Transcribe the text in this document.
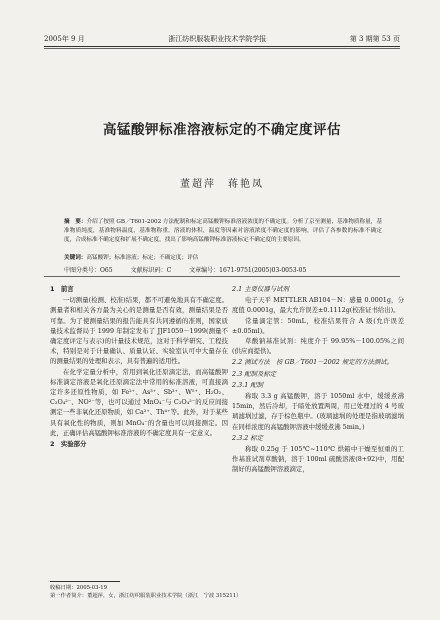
2005年 9 月	浙江纺织服装职业技术学院学报	第 3 期第 53 页
高锰酸钾标准溶液标定的不确定度评估
董超萍　蒋艳凤
摘　要：介绍了按照 GB／T601-2002 方法配制和标定高锰酸钾标准溶液浓度的不确定度。分析了京至测量，基准物质称量，基准物质纯度，基准物料温度，基准物称重，溶液的体积，温度等因素对溶液浓度不确定度的影响，评估了各参数的标准不确定度，合成标准不确定度和扩展不确定度，找出了影响高锰酸钾标准溶液标定不确定度的主要原因。
关键词：高锰酸钾；标准溶液；标定；不确定度；评估
中图分类号：O65	文献标识码：C	文章编号：1671-9751(2005)03-0053-05

1　前言

一切测量(检测、校准)结果，都不可避免地具有不确定度。测量者和相关各方最为关心的是测量是否有效，测量结果是否可靠。为了使测量结果的报告能具有共同遵循的准则，国家质量技术监督局于 1999 年制定发布了 JJF1059－1999(测量不确定度评定与表示)的计量技术规范，这对于科学研究、工程技术，特别是对于计量确认、质量认证、实验室认可中大量存在的测量结果的处理和表示，具有普遍的适用性。

在化学定量分析中，常用到氧化还原滴定法，而高锰酸钾标准滴定溶液是氧化还原滴定法中常用的标准溶液，可直接滴定许多还原性物质，如 Fe²⁺、As³⁺、Sb³⁺、W⁵⁺、H₂O₂、C₂O₄²⁻、NO²⁻等，也可以通过 MnO₄⁻与 C₂O₄²⁻的反应间接测定一些非氧化还原物质，如 Ca²⁺、Th⁴⁺等。此外，对于某些具有氧化性的物质，则加 MnO₄⁻的含量也可以间接测定。因此，正确评估高锰酸钾标准溶液的不确定度具有一定意义。

2　实验部分

2.1 主要仪器与试剂

电子天平 METTLER AB104－N：感量 0.0001g，分度值 0.0001g，最大允许误差±0.1112g(校准证书给出)。

常量滴定管：50mL，校准结果符合 A 级(允许误差±0.05ml)。

草酸钠基准试剂：纯度介于 99.95%－100.05%之间(供应商提供)。

2.2 测试方法　按 GB／T601－2002 规定的方法测试。

2.3 配制及标定

2.3.1 配制

称取 3.3 g 高锰酸钾，溶于 1050ml 水中，缓缓煮沸 15min，然后冷却，于暗处放置两周，用已处理过的 4 号玻璃滤埚过滤，存于棕色瓶中。(玻璃滤埚的处理是指玻璃滤埚在同样浓度的高锰酸钾溶液中缓缓煮沸 5min。)

2.3.2 标定

称取 0.25g 于 105℃~110℃ 烘箱中干燥至恒重的工作基准试剂草酸钠，溶于 100ml 硫酸溶液(8+92)中，用配制好的高锰酸钾溶液滴定，

收稿日期：2005-03-19
第一作者简介：董超萍，女，浙江纺织服装职业技术学院（浙江　宁波 315211）
